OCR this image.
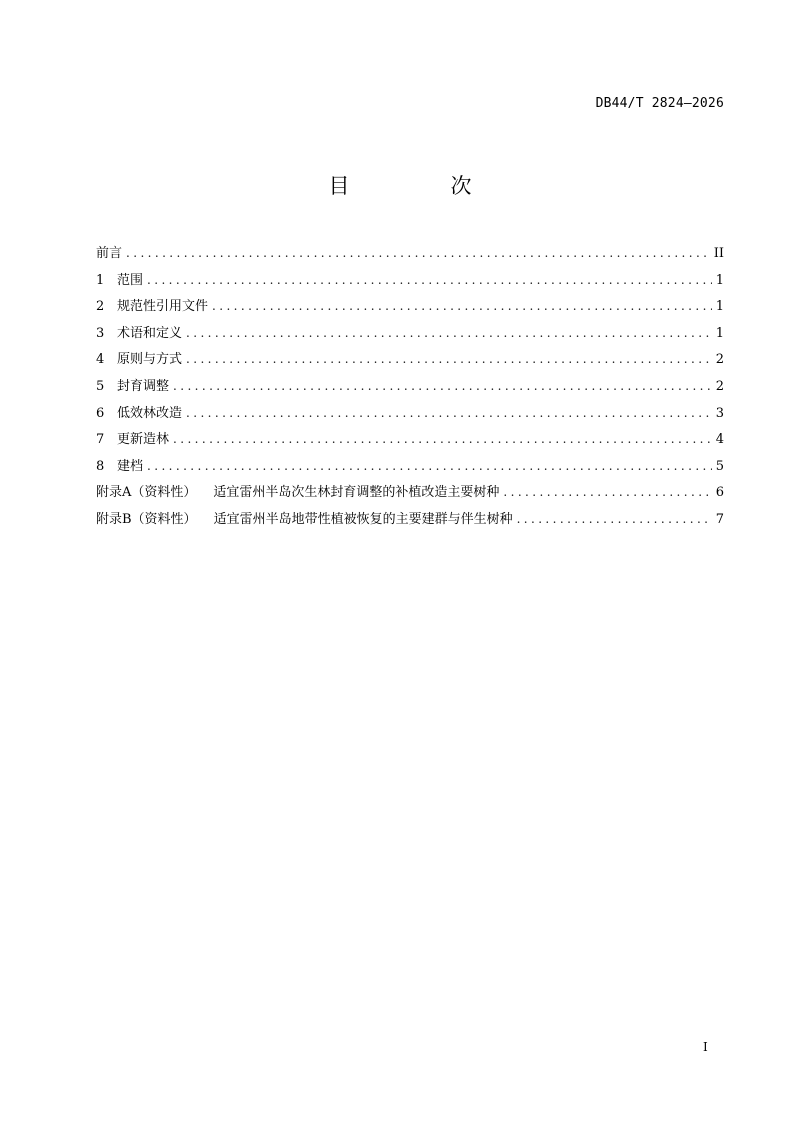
DB44/T 2824—2026
目　次
前言 .....	II
1 范围 .....	1
2 规范性引用文件 .....	1
3 术语和定义 .....	1
4 原则与方式 .....	2
5 封育调整 .....	2
6 低效林改造 .....	3
7 更新造林 .....	4
8 建档 .....	5
附录A（资料性） 适宜雷州半岛次生林封育调整的补植改造主要树种 .....	6
附录B（资料性） 适宜雷州半岛地带性植被恢复的主要建群与伴生树种 .....	7
I
